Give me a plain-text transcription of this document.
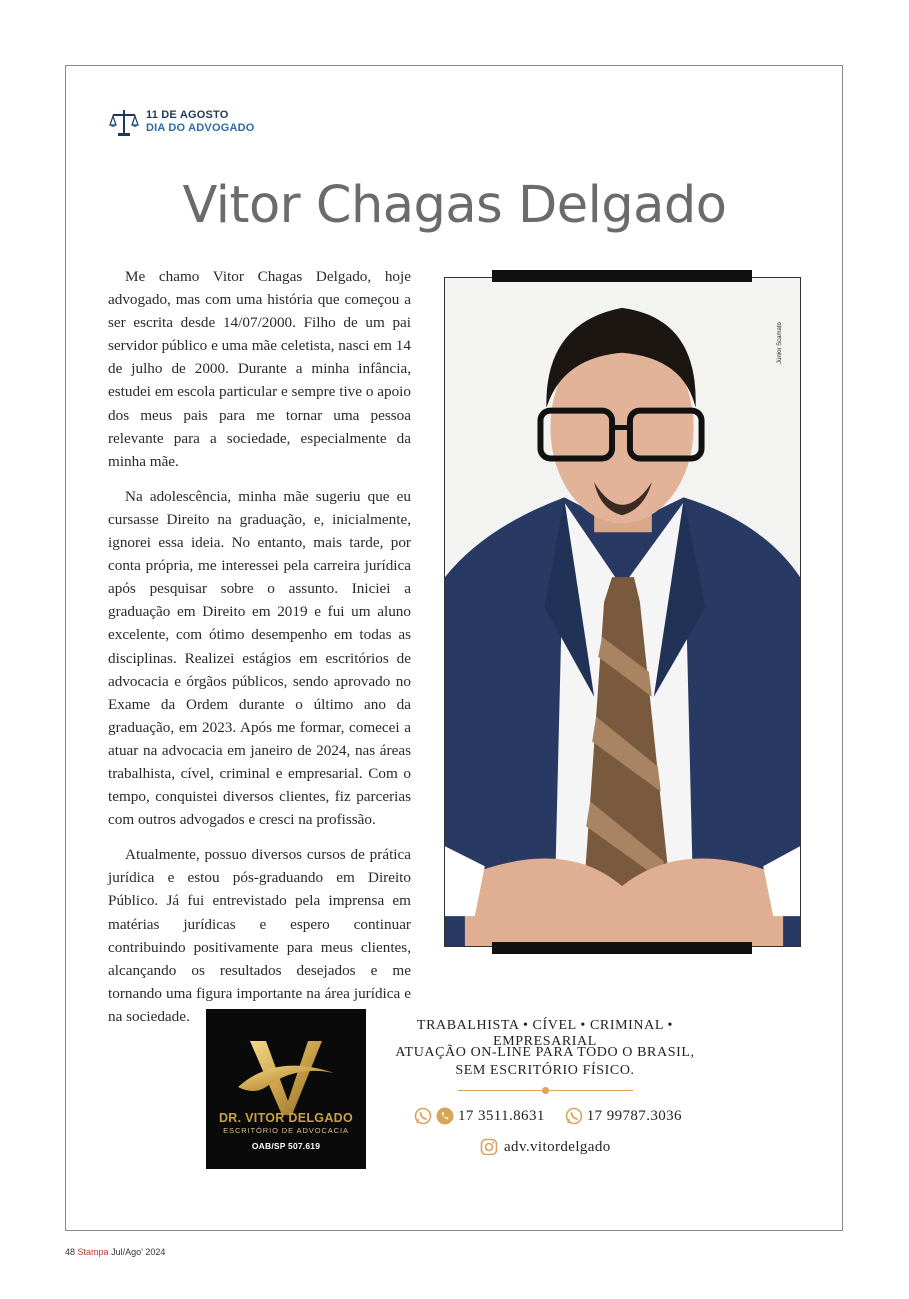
11 DE AGOSTO
DIA DO ADVOGADO
Vitor Chagas Delgado

Me chamo Vitor Chagas Delgado, hoje advogado, mas com uma história que começou a ser escrita desde 14/07/2000. Filho de um pai servidor público e uma mãe celetista, nasci em 14 de julho de 2000. Durante a minha infância, estudei em escola particular e sempre tive o apoio dos meus pais para me tornar uma pessoa relevante para a sociedade, especialmente da minha mãe.

Na adolescência, minha mãe sugeriu que eu cursasse Direito na graduação, e, inicialmente, ignorei essa ideia. No entanto, mais tarde, por conta própria, me interessei pela carreira jurídica após pesquisar sobre o assunto. Iniciei a graduação em Direito em 2019 e fui um aluno excelente, com ótimo desempenho em todas as disciplinas. Realizei estágios em escritórios de advocacia e órgãos públicos, sendo aprovado no Exame da Ordem durante o último ano da graduação, em 2023. Após me formar, comecei a atuar na advocacia em janeiro de 2024, nas áreas trabalhista, cível, criminal e empresarial. Com o tempo, conquistei diversos clientes, fiz parcerias com outros advogados e cresci na profissão.

Atualmente, possuo diversos cursos de prática jurídica e estou pós-graduando em Direito Público. Já fui entrevistado pela imprensa em matérias jurídicas e espero continuar contribuindo positivamente para meus clientes, alcançando os resultados desejados e me tornando uma figura importante na área jurídica e na sociedade.

Júnior Scamato
DR. VITOR DELGADO
ESCRITÓRIO DE ADVOCACIA
OAB/SP 507.619
TRABALHISTA • CÍVEL • CRIMINAL • EMPRESARIAL
ATUAÇÃO ON-LINE PARA TODO O BRASIL,
SEM ESCRITÓRIO FÍSICO.
17 3511.8631	17 99787.3036
adv.vitordelgado
48 Stampa Jul/Ago' 2024
